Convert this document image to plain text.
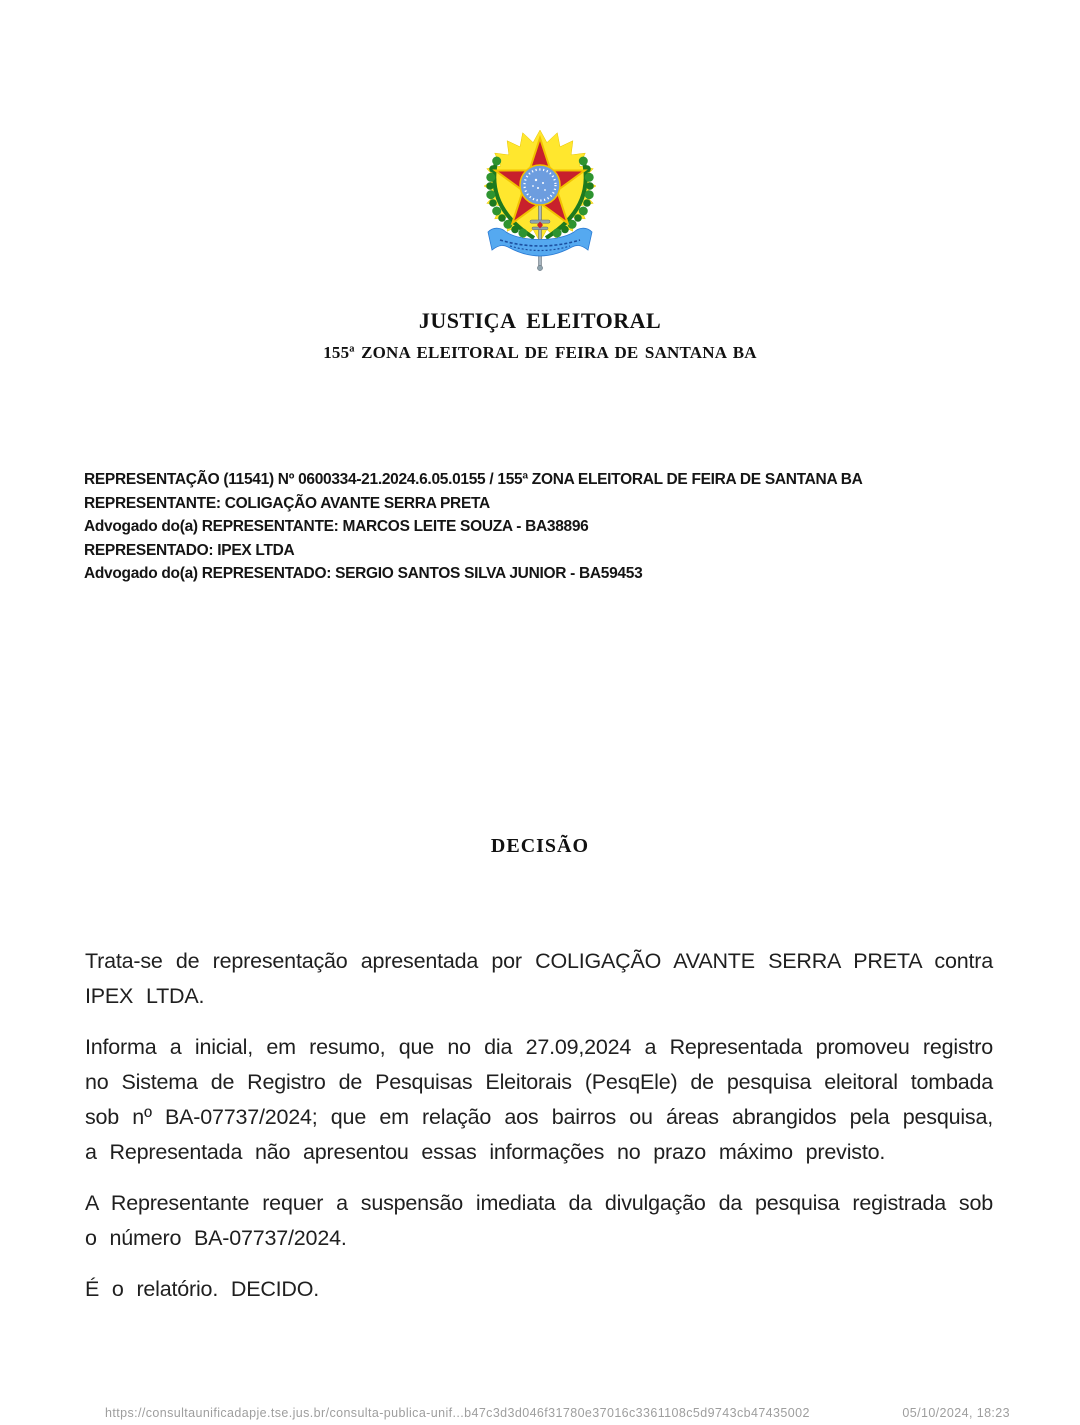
JUSTIÇA ELEITORAL
155ª ZONA ELEITORAL DE FEIRA DE SANTANA BA

REPRESENTAÇÃO (11541) Nº 0600334-21.2024.6.05.0155 / 155ª ZONA ELEITORAL DE FEIRA DE SANTANA BA

REPRESENTANTE: COLIGAÇÃO AVANTE SERRA PRETA

Advogado do(a) REPRESENTANTE: MARCOS LEITE SOUZA - BA38896

REPRESENTADO: IPEX LTDA

Advogado do(a) REPRESENTADO: SERGIO SANTOS SILVA JUNIOR - BA59453

DECISÃO

Trata-se de representação apresentada por COLIGAÇÃO AVANTE SERRA PRETA contra IPEX LTDA.

Informa a inicial, em resumo, que no dia 27.09,2024 a Representada promoveu registro no Sistema de Registro de Pesquisas Eleitorais (PesqEle) de pesquisa eleitoral tombada sob nº BA-07737/2024; que em relação aos bairros ou áreas abrangidos pela pesquisa, a Representada não apresentou essas informações no prazo máximo previsto.

A Representante requer a suspensão imediata da divulgação da pesquisa registrada sob o número BA-07737/2024.

É o relatório. DECIDO.

https://consultaunificadapje.tse.jus.br/consulta-publica-unif...b47c3d3d046f31780e37016c3361108c5d9743cb47435002	05/10/2024, 18:23
